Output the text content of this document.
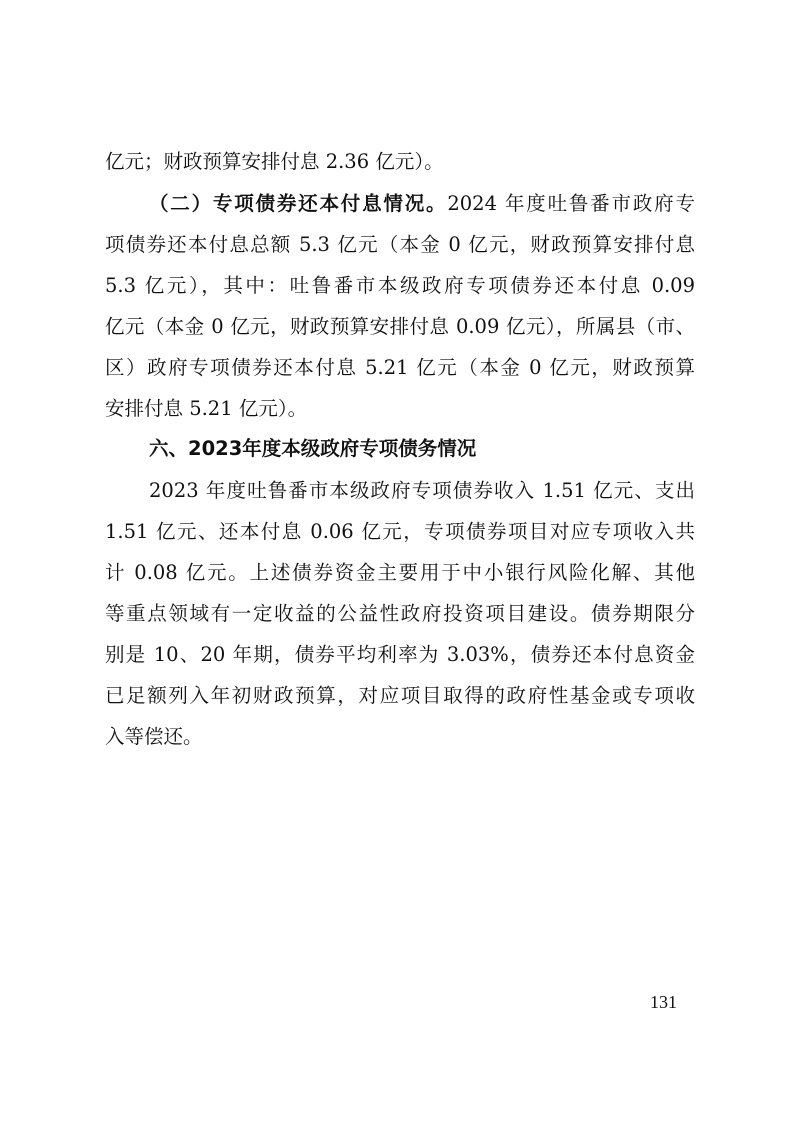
亿元；财政预算安排付息 2.36 亿元）。
（二）专项债券还本付息情况。2024 年度吐鲁番市政府专
项债券还本付息总额 5.3 亿元（本金 0 亿元，财政预算安排付息
5.3 亿元），其中：吐鲁番市本级政府专项债券还本付息 0.09
亿元（本金 0 亿元，财政预算安排付息 0.09 亿元），所属县（市、
区）政府专项债券还本付息 5.21 亿元（本金 0 亿元，财政预算
安排付息 5.21 亿元）。
六、2023年度本级政府专项债务情况
2023 年度吐鲁番市本级政府专项债券收入 1.51 亿元、支出
1.51 亿元、还本付息 0.06 亿元，专项债券项目对应专项收入共
计 0.08 亿元。上述债券资金主要用于中小银行风险化解、其他
等重点领域有一定收益的公益性政府投资项目建设。债券期限分
别是 10、20 年期，债券平均利率为 3.03%，债券还本付息资金
已足额列入年初财政预算，对应项目取得的政府性基金或专项收
入等偿还。
131
